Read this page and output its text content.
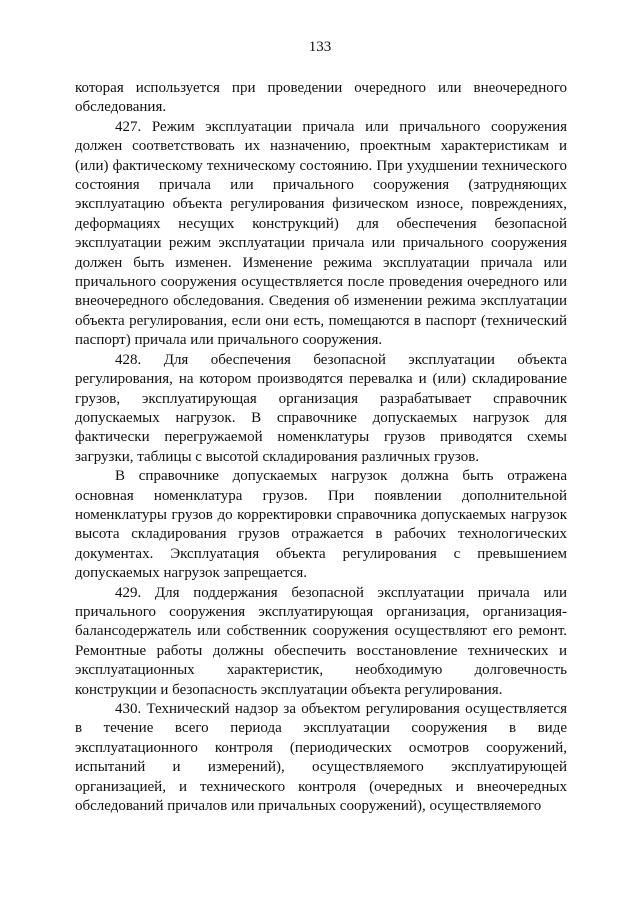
133

которая используется при проведении очередного или внеочередного обследования.

427. Режим эксплуатации причала или причального сооружения должен соответствовать их назначению, проектным характеристикам и (или) фактическому техническому состоянию. При ухудшении технического состояния причала или причального сооружения (затрудняющих эксплуатацию объекта регулирования физическом износе, повреждениях, деформациях несущих конструкций) для обеспечения безопасной эксплуатации режим эксплуатации причала или причального сооружения должен быть изменен. Изменение режима эксплуатации причала или причального сооружения осуществляется после проведения очередного или внеочередного обследования. Сведения об изменении режима эксплуатации объекта регулирования, если они есть, помещаются в паспорт (технический паспорт) причала или причального сооружения.

428. Для обеспечения безопасной эксплуатации объекта регулирования, на котором производятся перевалка и (или) складирование грузов, эксплуатирующая организация разрабатывает справочник допускаемых нагрузок. В справочнике допускаемых нагрузок для фактически перегружаемой номенклатуры грузов приводятся схемы загрузки, таблицы с высотой складирования различных грузов.

В справочнике допускаемых нагрузок должна быть отражена основная номенклатура грузов. При появлении дополнительной номенклатуры грузов до корректировки справочника допускаемых нагрузок высота складирования грузов отражается в рабочих технологических документах. Эксплуатация объекта регулирования с превышением допускаемых нагрузок запрещается.

429. Для поддержания безопасной эксплуатации причала или причального сооружения эксплуатирующая организация, организация-балансодержатель или собственник сооружения осуществляют его ремонт. Ремонтные работы должны обеспечить восстановление технических и эксплуатационных характеристик, необходимую долговечность конструкции и безопасность эксплуатации объекта регулирования.

430. Технический надзор за объектом регулирования осуществляется в течение всего периода эксплуатации сооружения в виде эксплуатационного контроля (периодических осмотров сооружений, испытаний и измерений), осуществляемого эксплуатирующей организацией, и технического контроля (очередных и внеочередных обследований причалов или причальных сооружений), осуществляемого
